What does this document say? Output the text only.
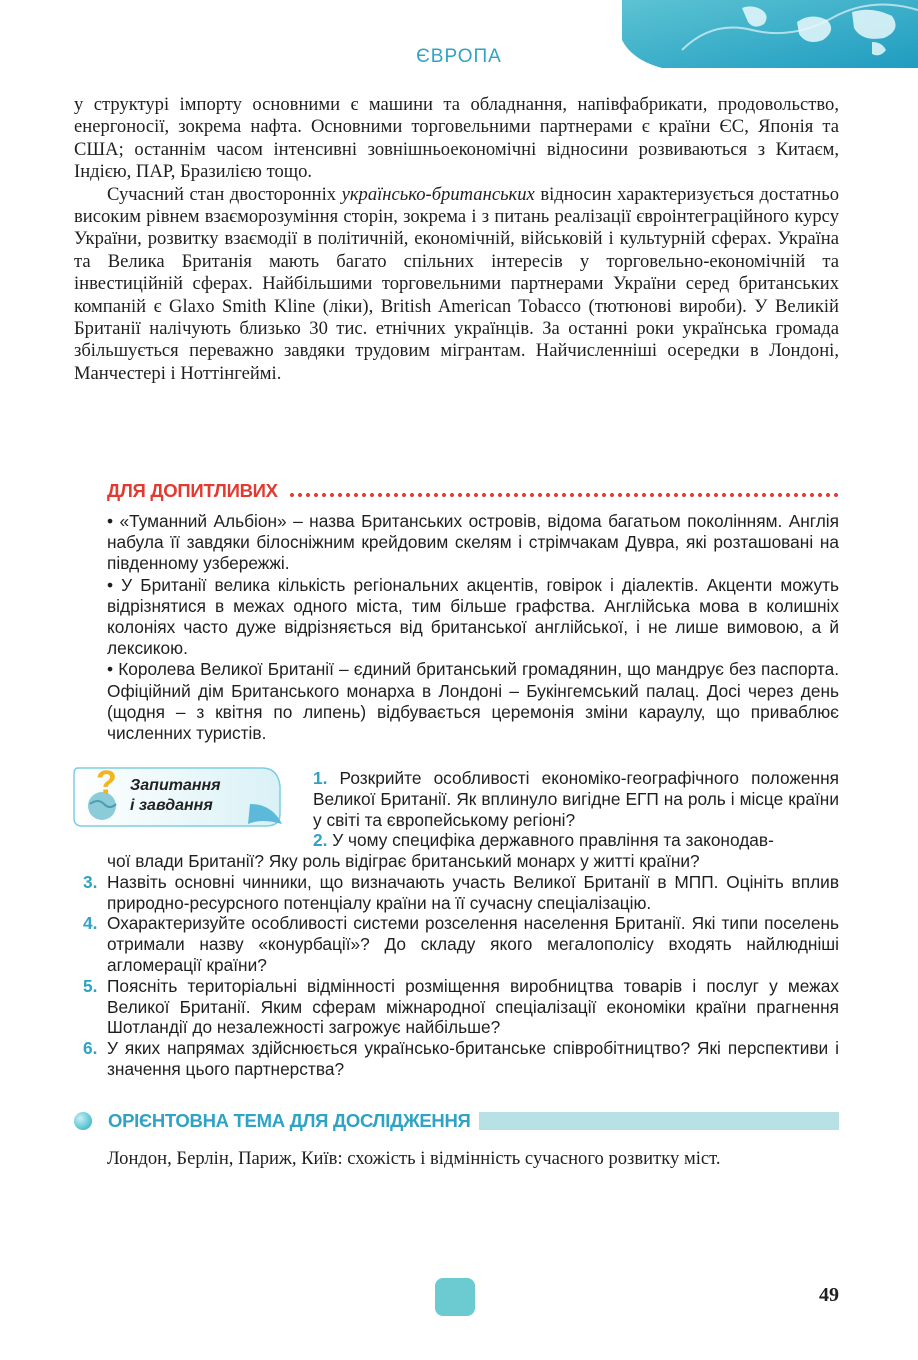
ЄВРОПА

у структурі імпорту основними є машини та обладнання, напівфабрикати, продовольство, енергоносії, зокрема нафта. Основними торговельними партнерами є країни ЄС, Японія та США; останнім часом інтенсивні зовнішньоекономічні відносини розвиваються з Китаєм, Індією, ПАР, Бразилією тощо.

Сучасний стан двосторонніх українсько-британських відносин характеризується достатньо високим рівнем взаєморозуміння сторін, зокрема і з питань реалізації євроінтеграційного курсу України, розвитку взаємодії в політичній, економічній, військовій і культурній сферах. Україна та Велика Британія мають багато спільних інтересів у торговельно-економічній та інвестиційній сферах. Найбільшими торговельними партнерами України серед британських компаній є Glaxo Smith Kline (ліки), British American Tobacco (тютюнові вироби). У Великій Британії налічують близько 30 тис. етнічних українців. За останні роки українська громада збільшується переважно завдяки трудовим мігрантам. Найчисленніші осередки в Лондоні, Манчестері і Ноттінгеймі.

ДЛЯ ДОПИТЛИВИХ

• «Туманний Альбіон» – назва Британських островів, відома багатьом поколінням. Англія набула її завдяки білосніжним крейдовим скелям і стрімчакам Дувра, які розташовані на південному узбережжі.

• У Британії велика кількість регіональних акцентів, говірок і діалектів. Акценти можуть відрізнятися в межах одного міста, тим більше графства. Англійська мова в колишніх колоніях часто дуже відрізняється від британської англійської, і не лише вимовою, а й лексикою.

• Королева Великої Британії – єдиний британський громадянин, що мандрує без паспорта. Офіційний дім Британського монарха в Лондоні – Букінгемський палац. Досі через день (щодня – з квітня по липень) відбувається церемонія зміни караулу, що приваблює численних туристів.

? Запитання
і завдання
1. Розкрийте особливості економіко-географічного положення Великої Британії. Як вплинуло вигідне ЕГП на роль і місце країни у світі та європейському регіоні?
2. У чому специфіка державного правління та законодав-
чої влади Британії? Яку роль відіграє британський монарх у житті країни?
3. Назвіть основні чинники, що визначають участь Великої Британії в МПП. Оцініть вплив природно-ресурсного потенціалу країни на її сучасну спеціалізацію.
4. Охарактеризуйте особливості системи розселення населення Британії. Які типи поселень отримали назву «конурбації»? До складу якого мегалополісу входять найлюдніші агломерації країни?
5. Поясніть територіальні відмінності розміщення виробництва товарів і послуг у межах Великої Британії. Яким сферам міжнародної спеціалізації економіки країни прагнення Шотландії до незалежності загрожує найбільше?
6. У яких напрямах здійснюється українсько-британське співробітництво? Які перспективи і значення цього партнерства?
ОРІЄНТОВНА ТЕМА ДЛЯ ДОСЛІДЖЕННЯ

Лондон, Берлін, Париж, Київ: схожість і відмінність сучасного розвитку міст.

49
